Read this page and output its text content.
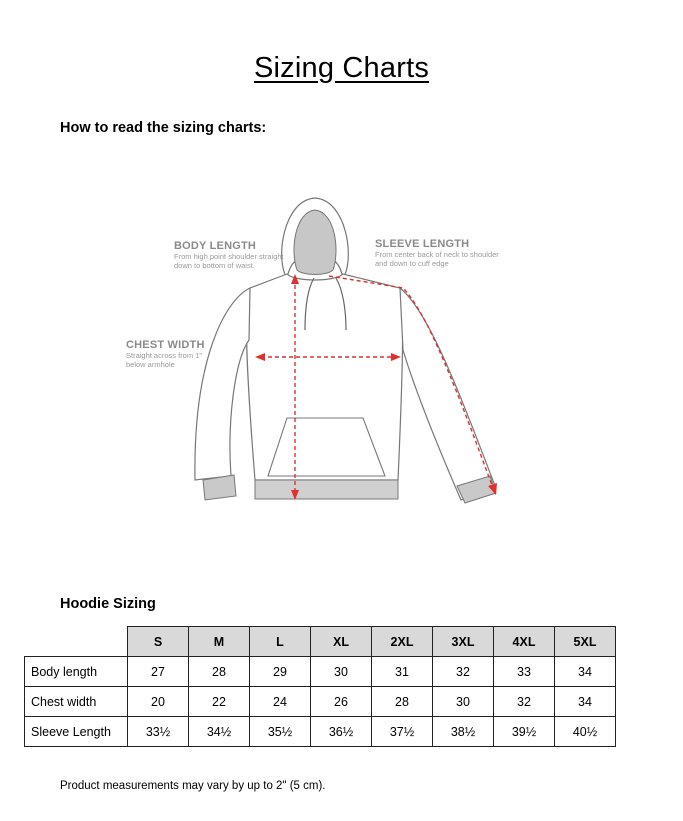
Sizing Charts
How to read the sizing charts:
BODY LENGTH
From high point shoulder straight down to bottom of waist
SLEEVE LENGTH
From center back of neck to shoulder and down to cuff edge
CHEST WIDTH
Straight across from 1" below armhole
Hoodie Sizing
	S	M	L	XL	2XL	3XL	4XL	5XL
Body length	27	28	29	30	31	32	33	34
Chest width	20	22	24	26	28	30	32	34
Sleeve Length	33½	34½	35½	36½	37½	38½	39½	40½
Product measurements may vary by up to 2" (5 cm).
